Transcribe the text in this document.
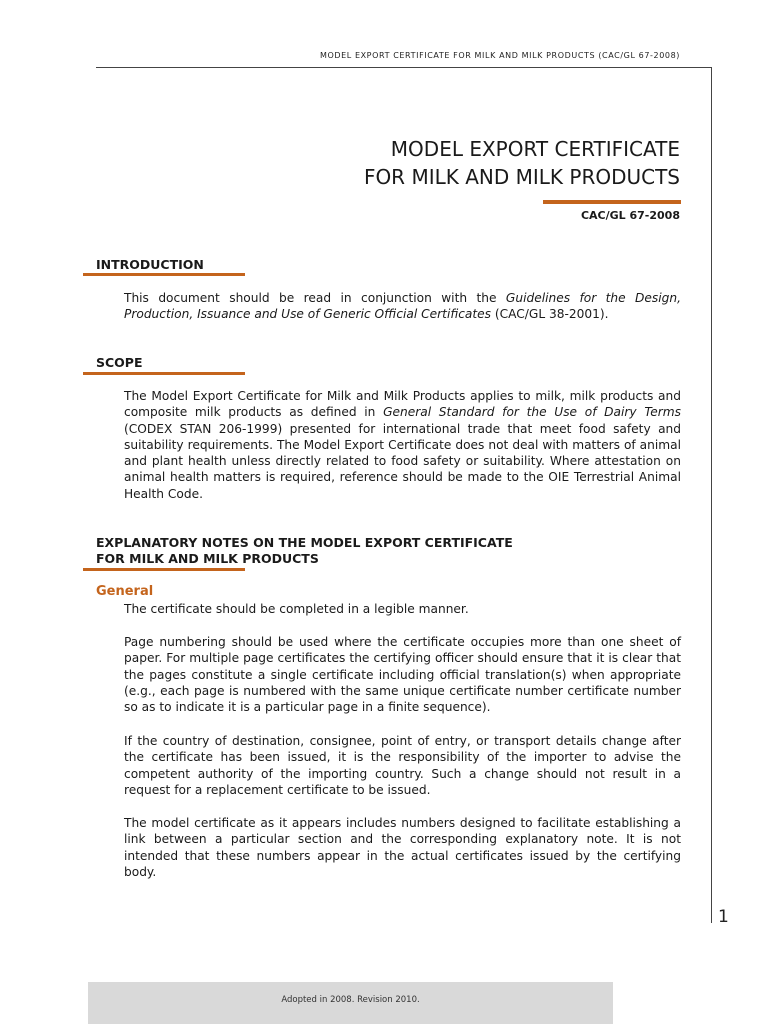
MODEL EXPORT CERTIFICATE FOR MILK AND MILK PRODUCTS (CAC/GL 67-2008)
MODEL EXPORT CERTIFICATE
FOR MILK AND MILK PRODUCTS
CAC/GL 67-2008
INTRODUCTION

This document should be read in conjunction with the Guidelines for the Design, Production, Issuance and Use of Generic Official Certificates (CAC/GL 38-2001).

SCOPE

The Model Export Certificate for Milk and Milk Products applies to milk, milk products and composite milk products as defined in General Standard for the Use of Dairy Terms (CODEX STAN 206-1999) presented for international trade that meet food safety and suitability requirements. The Model Export Certificate does not deal with matters of animal and plant health unless directly related to food safety or suitability. Where attestation on animal health matters is required, reference should be made to the OIE Terrestrial Animal Health Code.

EXPLANATORY NOTES ON THE MODEL EXPORT CERTIFICATE
FOR MILK AND MILK PRODUCTS
General

The certificate should be completed in a legible manner.

Page numbering should be used where the certificate occupies more than one sheet of paper. For multiple page certificates the certifying officer should ensure that it is clear that the pages constitute a single certificate including official translation(s) when appropriate (e.g., each page is numbered with the same unique certificate number certificate number so as to indicate it is a particular page in a finite sequence).

If the country of destination, consignee, point of entry, or transport details change after the certificate has been issued, it is the responsibility of the importer to advise the competent authority of the importing country. Such a change should not result in a request for a replacement certificate to be issued.

The model certificate as it appears includes numbers designed to facilitate establishing a link between a particular section and the corresponding explanatory note. It is not intended that these numbers appear in the actual certificates issued by the certifying body.

1
Adopted in 2008. Revision 2010.
